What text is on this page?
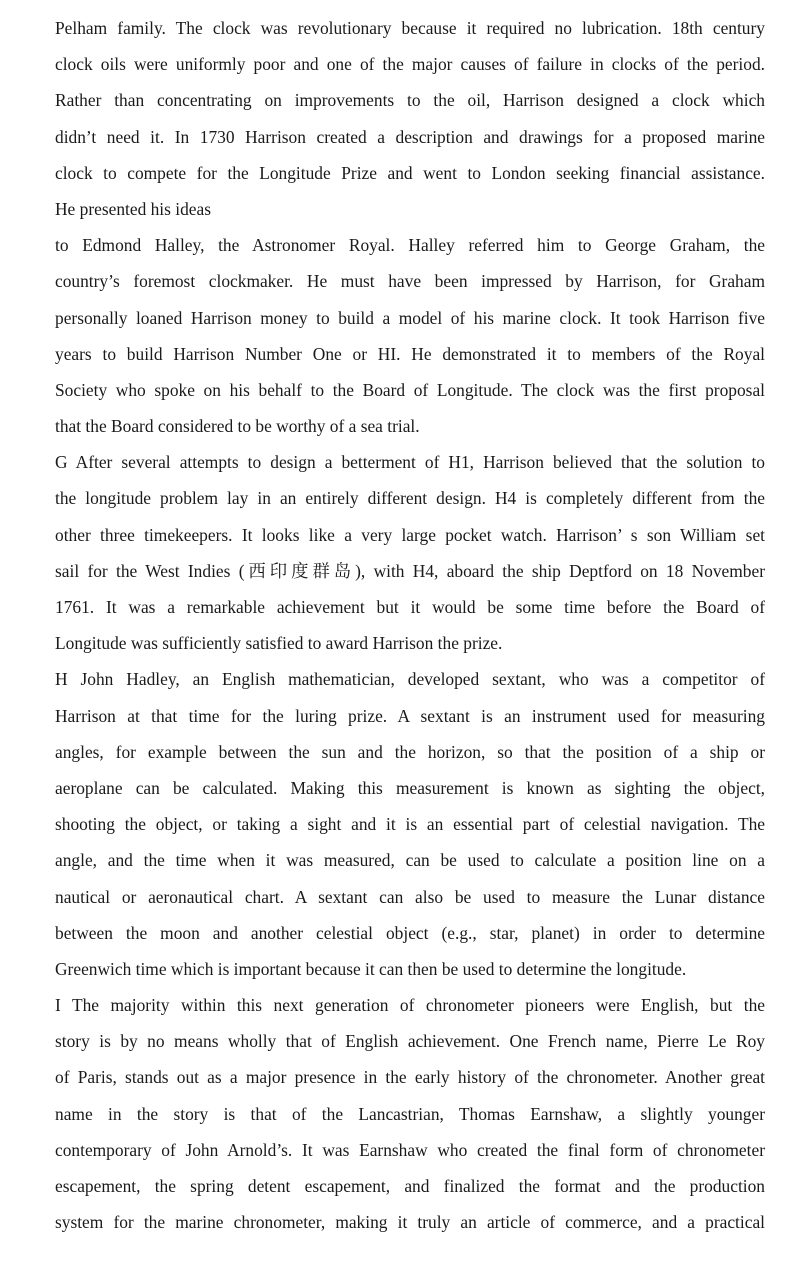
Pelham family. The clock was revolutionary because it required no lubrication. 18th century
clock oils were uniformly poor and one of the major causes of failure in clocks of the period.
Rather than concentrating on improvements to the oil, Harrison designed a clock which
didn’t need it. In 1730 Harrison created a description and drawings for a proposed marine
clock to compete for the Longitude Prize and went to London seeking financial assistance.
He presented his ideas
to Edmond Halley, the Astronomer Royal. Halley referred him to George Graham, the
country’s foremost clockmaker. He must have been impressed by Harrison, for Graham
personally loaned Harrison money to build a model of his marine clock. It took Harrison five
years to build Harrison Number One or HI. He demonstrated it to members of the Royal
Society who spoke on his behalf to the Board of Longitude. The clock was the first proposal
that the Board considered to be worthy of a sea trial.
G After several attempts to design a betterment of H1, Harrison believed that the solution to
the longitude problem lay in an entirely different design. H4 is completely different from the
other three timekeepers. It looks like a very large pocket watch. Harrison’ s son William set
sail for the West Indies (西印度群岛), with H4, aboard the ship Deptford on 18 November
1761. It was a remarkable achievement but it would be some time before the Board of
Longitude was sufficiently satisfied to award Harrison the prize.
H John Hadley, an English mathematician, developed sextant, who was a competitor of
Harrison at that time for the luring prize. A sextant is an instrument used for measuring
angles, for example between the sun and the horizon, so that the position of a ship or
aeroplane can be calculated. Making this measurement is known as sighting the object,
shooting the object, or taking a sight and it is an essential part of celestial navigation. The
angle, and the time when it was measured, can be used to calculate a position line on a
nautical or aeronautical chart. A sextant can also be used to measure the Lunar distance
between the moon and another celestial object (e.g., star, planet) in order to determine
Greenwich time which is important because it can then be used to determine the longitude.
I The majority within this next generation of chronometer pioneers were English, but the
story is by no means wholly that of English achievement. One French name, Pierre Le Roy
of Paris, stands out as a major presence in the early history of the chronometer. Another great
name in the story is that of the Lancastrian, Thomas Earnshaw, a slightly younger
contemporary of John Arnold’s. It was Earnshaw who created the final form of chronometer
escapement, the spring detent escapement, and finalized the format and the production
system for the marine chronometer, making it truly an article of commerce, and a practical
